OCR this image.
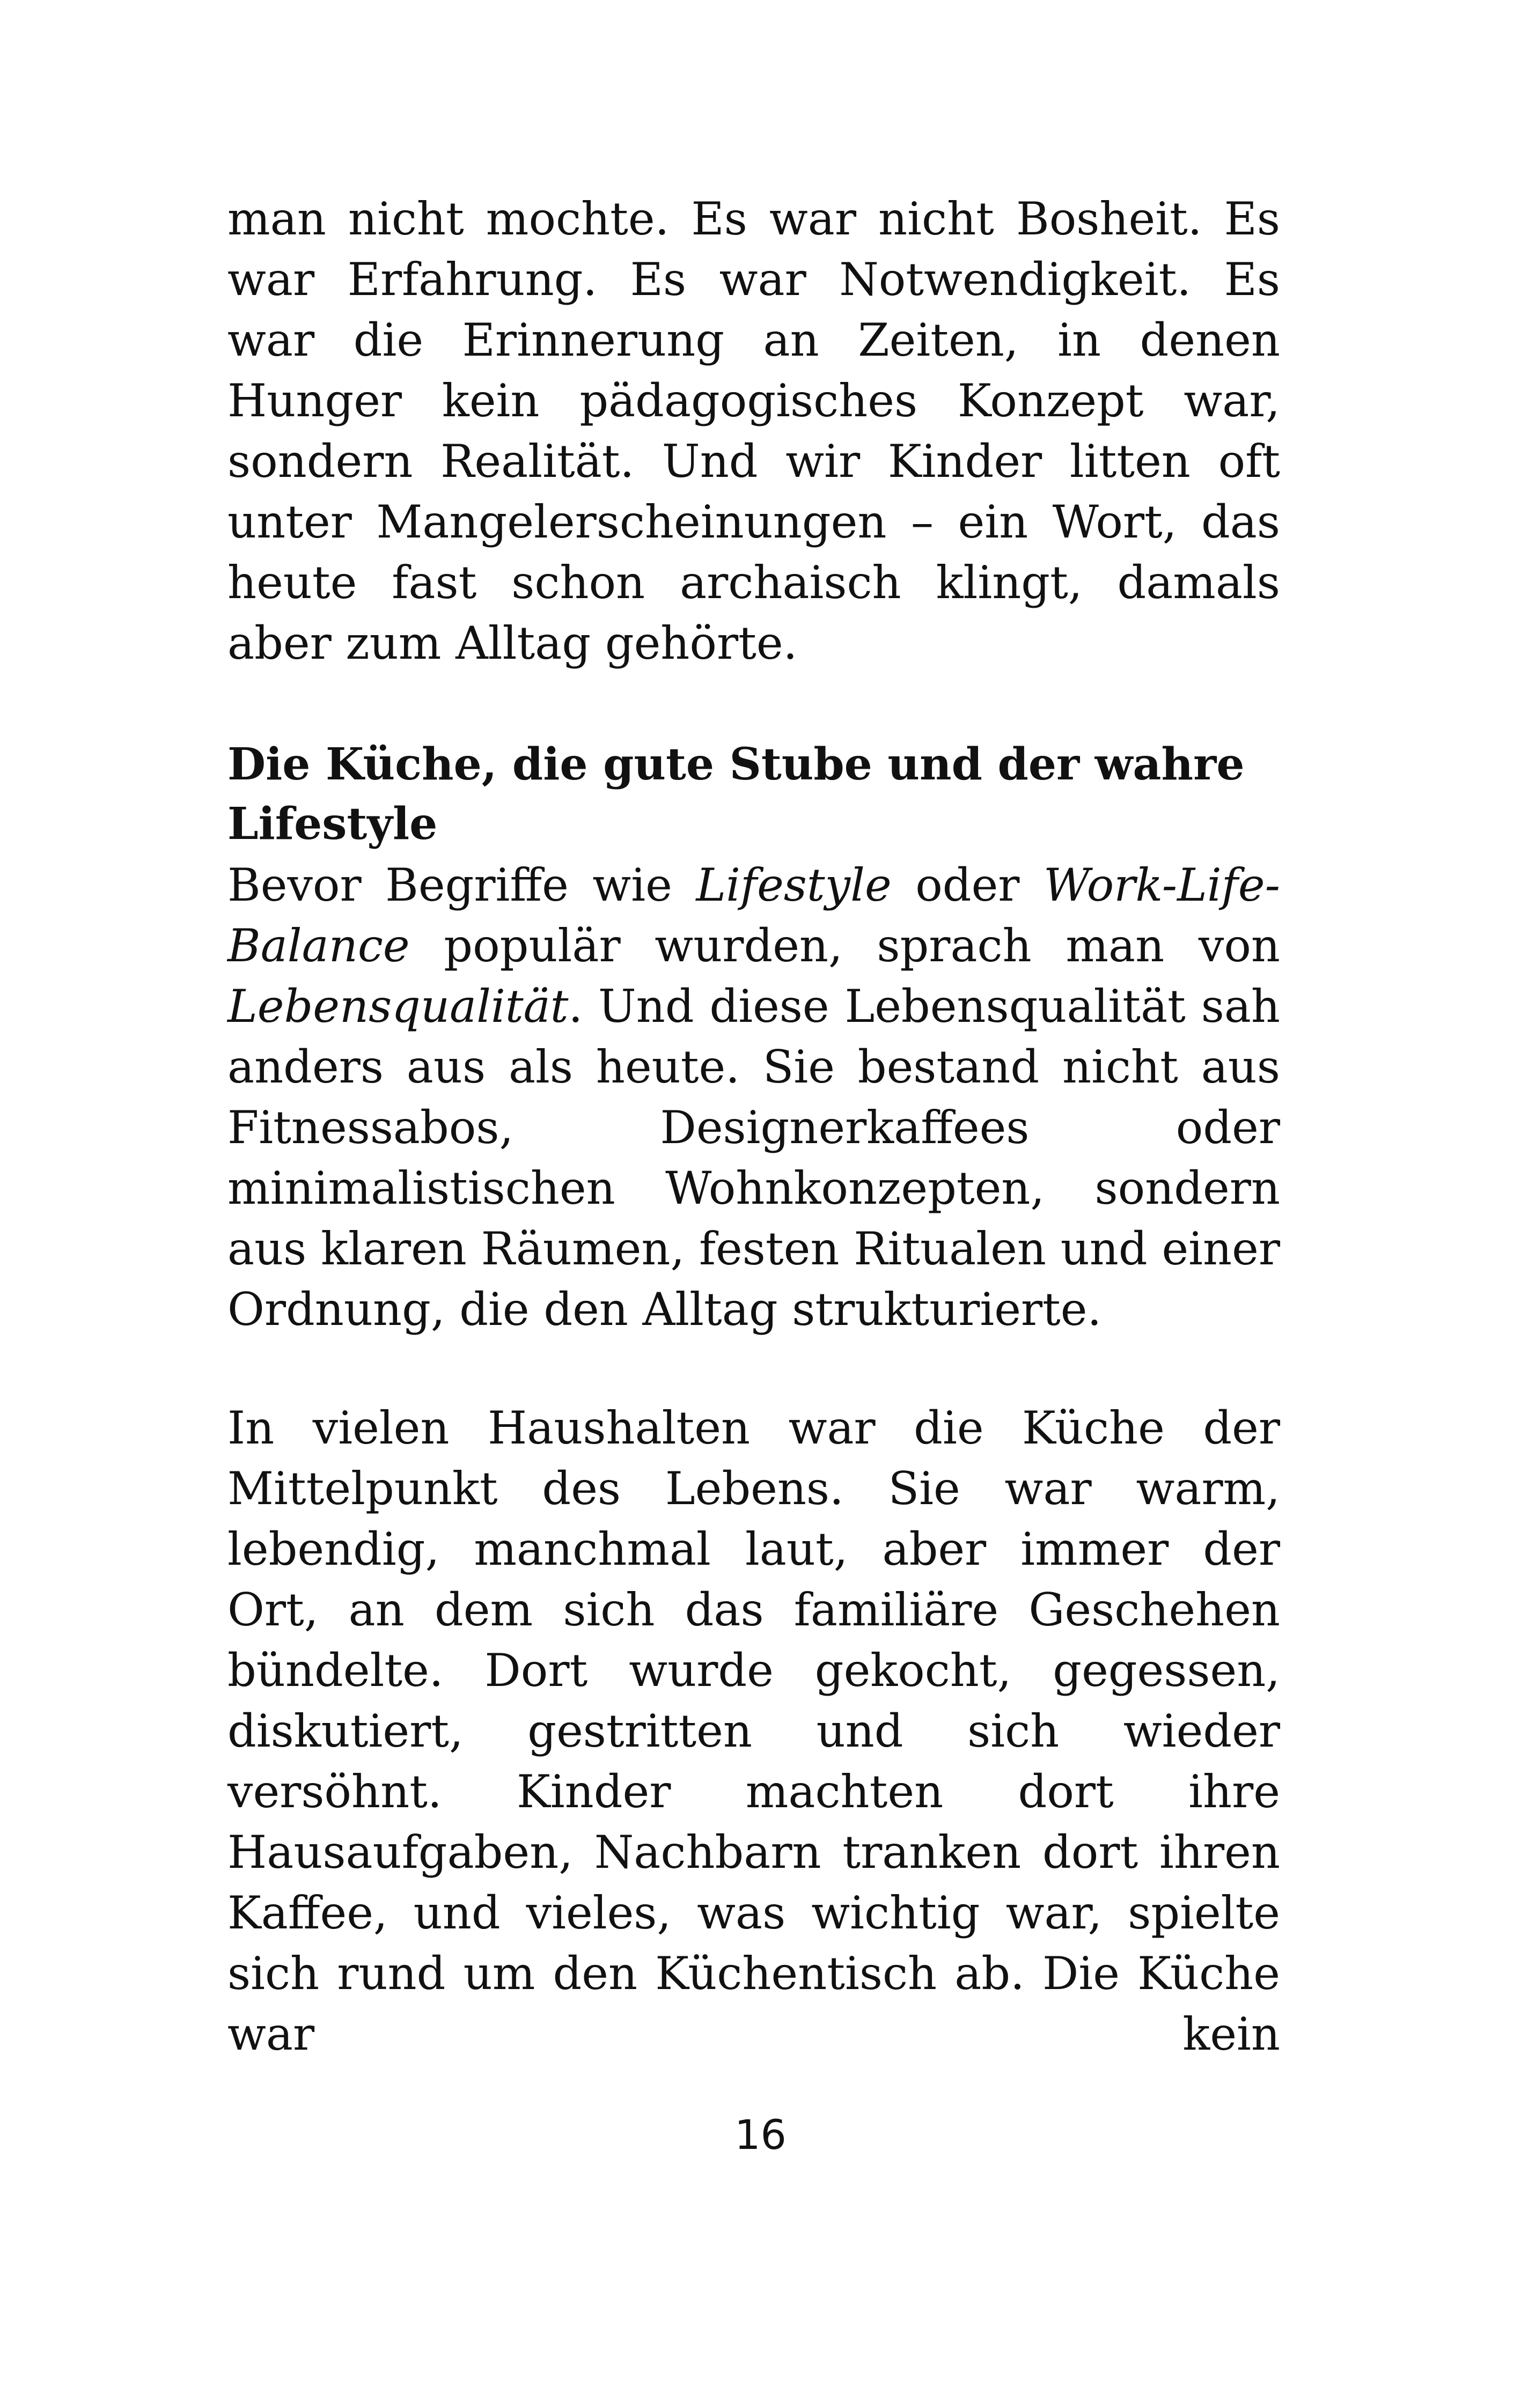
man nicht mochte. Es war nicht Bosheit. Es war Erfahrung. Es war Notwendigkeit. Es war die Erinnerung an Zeiten, in denen Hunger kein pädagogisches Konzept war, sondern Realität. Und wir Kinder litten oft unter Mangelerscheinungen – ein Wort, das heute fast schon archaisch klingt, damals aber zum Alltag gehörte.

Die Küche, die gute Stube und der wahre Lifestyle

Bevor Begriffe wie Lifestyle oder Work-Life-Balance populär wurden, sprach man von Lebensqualität. Und diese Lebensqualität sah anders aus als heute. Sie bestand nicht aus Fitnessabos, Designerkaffees oder minimalistischen Wohnkonzepten, sondern aus klaren Räumen, festen Ritualen und einer Ordnung, die den Alltag strukturierte.

In vielen Haushalten war die Küche der Mittelpunkt des Lebens. Sie war warm, lebendig, manchmal laut, aber immer der Ort, an dem sich das familiäre Geschehen bündelte. Dort wurde gekocht, gegessen, diskutiert, gestritten und sich wieder versöhnt. Kinder machten dort ihre Hausaufgaben, Nachbarn tranken dort ihren Kaffee, und vieles, was wichtig war, spielte sich rund um den Küchentisch ab. Die Küche war kein

16
